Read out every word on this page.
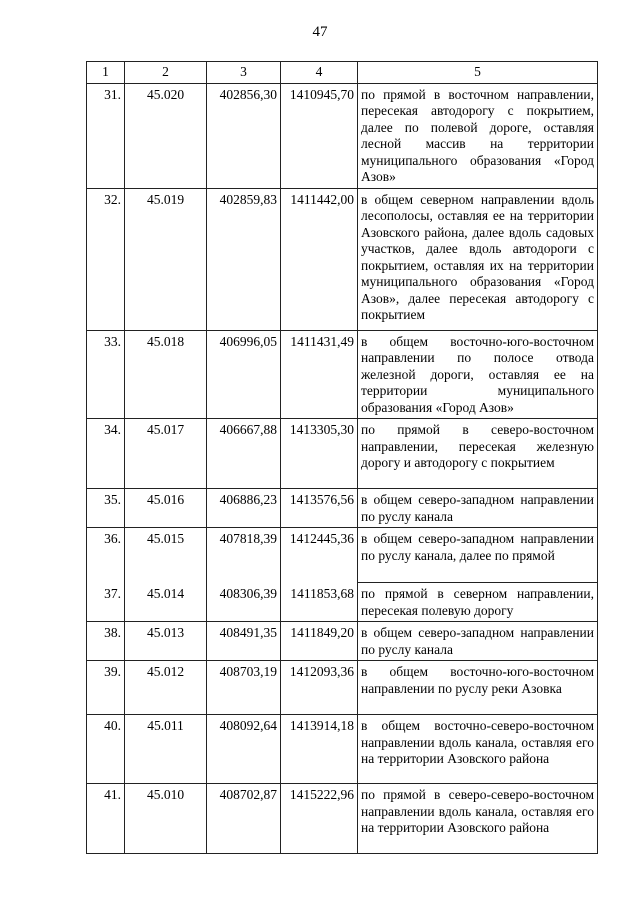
47
1	2	3	4	5
31.	45.020	402856,30	1410945,70	по прямой в восточном направлении, пересекая автодорогу с покрытием, далее по полевой дороге, оставляя лесной массив на территории муниципального образования «Город Азов»
32.	45.019	402859,83	1411442,00	в общем северном направлении вдоль лесополосы, оставляя ее на территории Азовского района, далее вдоль садовых участков, далее вдоль автодороги с покрытием, оставляя их на территории муниципального образования «Город Азов», далее пересекая автодорогу с покрытием
33.	45.018	406996,05	1411431,49	в общем восточно-юго-восточном направлении по полосе отвода железной дороги, оставляя ее на территории муниципального образования «Город Азов»
34.	45.017	406667,88	1413305,30	по прямой в северо-восточном направлении, пересекая железную дорогу и автодорогу с покрытием
35.	45.016	406886,23	1413576,56	в общем северо-западном направлении по руслу канала
36.	45.015	407818,39	1412445,36	в общем северо-западном направлении по руслу канала, далее по прямой
37.	45.014	408306,39	1411853,68	по прямой в северном направлении, пересекая полевую дорогу
38.	45.013	408491,35	1411849,20	в общем северо-западном направлении по руслу канала
39.	45.012	408703,19	1412093,36	в общем восточно-юго-восточном направлении по руслу реки Азовка
40.	45.011	408092,64	1413914,18	в общем восточно-северо-восточном направлении вдоль канала, оставляя его на территории Азовского района
41.	45.010	408702,87	1415222,96	по прямой в северо-северо-восточном направлении вдоль канала, оставляя его на территории Азовского района
